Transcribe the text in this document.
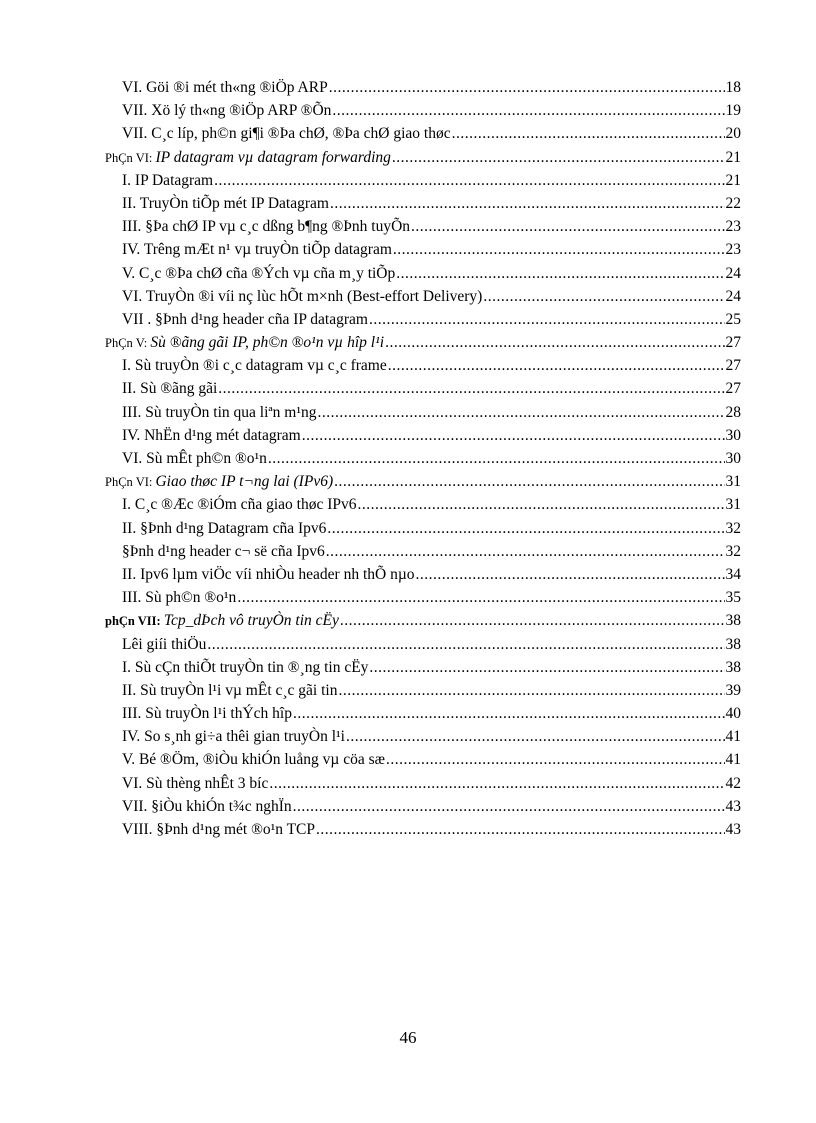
VI. Göi ®i mét th«ng ®iÖp ARP .....	18
VII. Xö lý th«ng ®iÖp ARP ®Õn .....	19
VII. C¸c líp, ph©n gi¶i ®Þa chØ, ®Þa chØ giao thøc .....	20
PhÇn VI: IP datagram vµ datagram forwarding .....	21
I. IP Datagram .....	21
II. TruyÒn tiÕp mét IP Datagram .....	22
III. §Þa chØ IP vµ c¸c dßng b¶ng ®Þnh tuyÕn .....	23
IV. Trêng mÆt n¹ vµ truyÒn tiÕp datagram .....	23
V. C¸c ®Þa chØ cña ®Ých vµ cña m¸y tiÕp .....	24
VI. TruyÒn ®i víi nç lùc hÕt m×nh (Best-effort Delivery) .....	24
VII . §Þnh d¹ng header cña IP datagram .....	25
PhÇn V: Sù ®ãng gãi IP, ph©n ®o¹n vµ hîp l¹i .....	27
I. Sù truyÒn ®i c¸c datagram vµ c¸c frame .....	27
II. Sù ®ãng gãi .....	27
III. Sù truyÒn tin qua liªn m¹ng .....	28
IV. NhËn d¹ng mét datagram .....	30
VI. Sù mÊt ph©n ®o¹n .....	30
PhÇn VI: Giao thøc IP t¬ng lai (IPv6) .....	31
I. C¸c ®Æc ®iÓm cña giao thøc IPv6 .....	31
II. §Þnh d¹ng Datagram cña Ipv6 .....	32
§Þnh d¹ng header c¬ së cña Ipv6 .....	32
II. Ipv6 lµm viÖc víi nhiÒu header nh thÕ nµo .....	34
III. Sù ph©n ®o¹n .....	35
phÇn VII: Tcp_dÞch vô truyÒn tin cËy .....	38
Lêi giíi thiÖu .....	38
I. Sù cÇn thiÕt truyÒn tin ®¸ng tin cËy .....	38
II. Sù truyÒn l¹i vµ mÊt c¸c gãi tin .....	39
III. Sù truyÒn l¹i thÝch hîp .....	40
IV. So s¸nh gi÷a thêi gian truyÒn l¹i .....	41
V. Bé ®Öm, ®iÒu khiÓn luång vµ cöa sæ .....	41
VI. Sù thèng nhÊt 3 bíc .....	42
VII. §iÒu khiÓn t¾c nghÏn .....	43
VIII. §Þnh d¹ng mét ®o¹n TCP .....	43
46
